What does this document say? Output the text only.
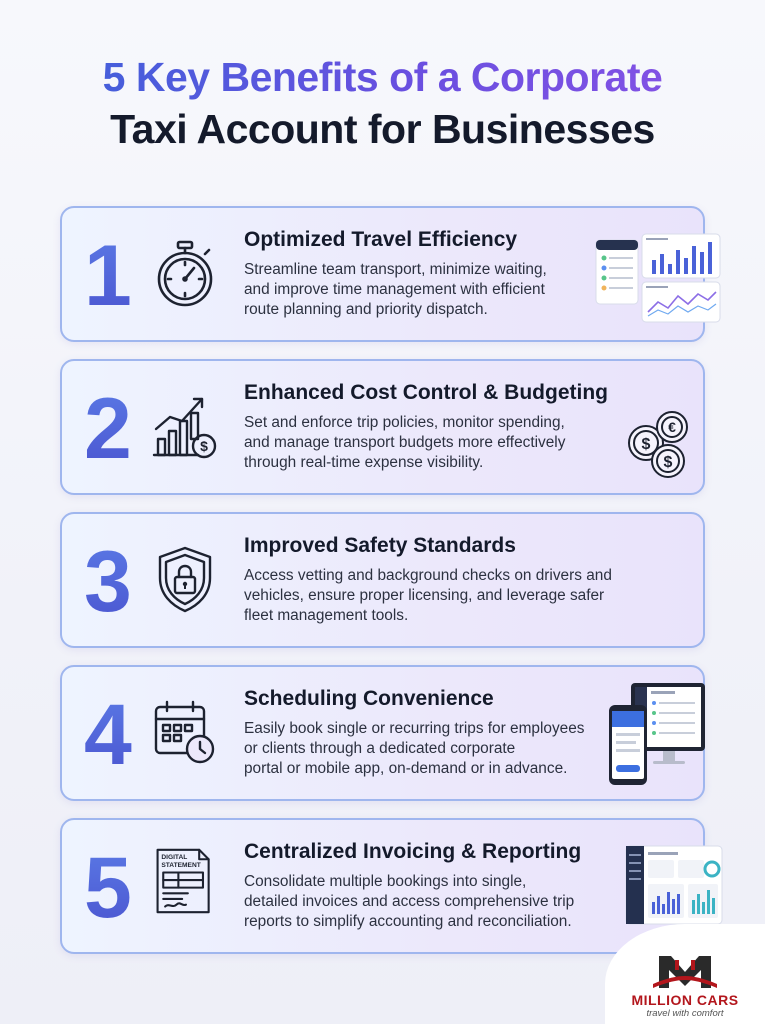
5 Key Benefits of a Corporate
Taxi Account for Businesses
1	Optimized Travel Efficiency
Streamline team transport, minimize waiting,
and improve time management with efficient
route planning and priority dispatch.
2	$
Enhanced Cost Control & Budgeting
Set and enforce trip policies, monitor spending,
and manage transport budgets more effectively
through real-time expense visibility.
$
€
$
3	Improved Safety Standards
Access vetting and background checks on drivers and
vehicles, ensure proper licensing, and leverage safer
fleet management tools.
4	Scheduling Convenience
Easily book single or recurring trips for employees
or clients through a dedicated corporate
portal or mobile app, on-demand or in advance.
5	DIGITAL
STATEMENT
Centralized Invoicing & Reporting
Consolidate multiple bookings into single,
detailed invoices and access comprehensive trip
reports to simplify accounting and reconciliation.
MILLION CARS
travel with comfort
